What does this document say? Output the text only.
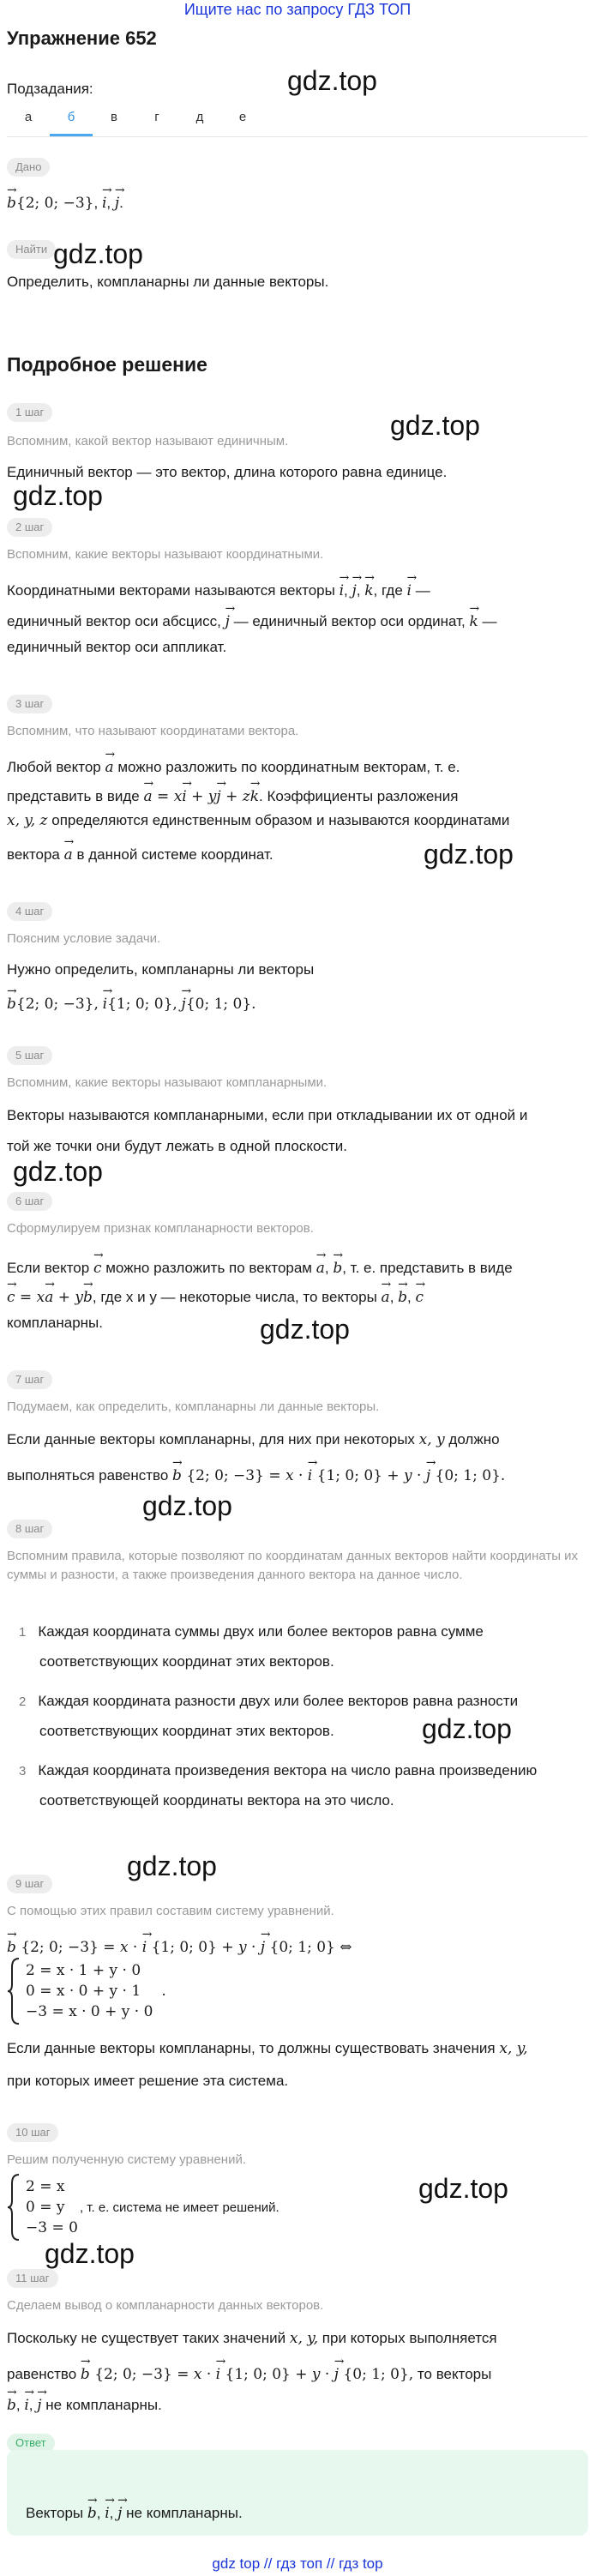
Ищите нас по запросу ГДЗ ТОП
Упражнение 652
gdz.top
Подзадания:
а	б	в	г	д	е
Дано
→ b{2; 0; −3}, → i, → j.
Найти gdz.top
Определить, компланарны ли данные векторы.
Подробное решение
1 шаг	gdz.top
Вспомним, какой вектор называют единичным.
Единичный вектор — это вектор, длина которого равна единице.
gdz.top
2 шаг
Вспомним, какие векторы называют координатными.
Координатными векторами называются векторы → i, → j, → k, где → i —
единичный вектор оси абсцисс, → j — единичный вектор оси ординат, → k —
единичный вектор оси аппликат.
3 шаг
Вспомним, что называют координатами вектора.
Любой вектор → a можно разложить по координатным векторам, т. е.
представить в виде → a = x→ i + y→ j + z→ k. Коэффициенты разложения
x, y, z определяются единственным образом и называются координатами
вектора → a в данной системе координат.	gdz.top
4 шаг
Поясним условие задачи.
Нужно определить, компланарны ли векторы
→ b{2; 0; −3}, → i{1; 0; 0}, → j{0; 1; 0}.
5 шаг
Вспомним, какие векторы называют компланарными.
Векторы называются компланарными, если при откладывании их от одной и
той же точки они будут лежать в одной плоскости.
gdz.top
6 шаг
Сформулируем признак компланарности векторов.
Если вектор → c можно разложить по векторам → a, → b, т. е. представить в виде
→ c = x→ a + y→ b, где x и y — некоторые числа, то векторы → a, → b, → c
компланарны.	gdz.top
7 шаг
Подумаем, как определить, компланарны ли данные векторы.
Если данные векторы компланарны, для них при некоторых x, y должно
выполняться равенство → b {2; 0; −3} = x · → i {1; 0; 0} + y · → j {0; 1; 0}.
gdz.top
8 шаг
Вспомним правила, которые позволяют по координатам данных векторов найти координаты их суммы и разности, а также произведения данного вектора на данное число.
1 Каждая координата суммы двух или более векторов равна сумме
соответствующих координат этих векторов.
2 Каждая координата разности двух или более векторов равна разности
соответствующих координат этих векторов.
3 Каждая координата произведения вектора на число равна произведению
соответствующей координаты вектора на это число.
gdz.top
gdz.top
9 шаг
С помощью этих правил составим систему уравнений.
→ b {2; 0; −3} = x · → i {1; 0; 0} + y · → j {0; 1; 0} ⇔
2 = x · 1 + y · 0
0 = x · 0 + y · 1
−3 = x · 0 + y · 0
.
Если данные векторы компланарны, то должны существовать значения x, y,
при которых имеет решение эта система.
10 шаг
Решим полученную систему уравнений.
2 = x
0 = y
−3 = 0
, т. е. система не имеет решений.
gdz.top
gdz.top
11 шаг
Сделаем вывод о компланарности данных векторов.
Поскольку не существует таких значений x, y, при которых выполняется
равенство → b {2; 0; −3} = x · → i {1; 0; 0} + y · → j {0; 1; 0}, то векторы
→ b, → i, → j не компланарны.
Ответ
Векторы → b, → i, → j не компланарны.
gdz top // гдз топ // гдз top
